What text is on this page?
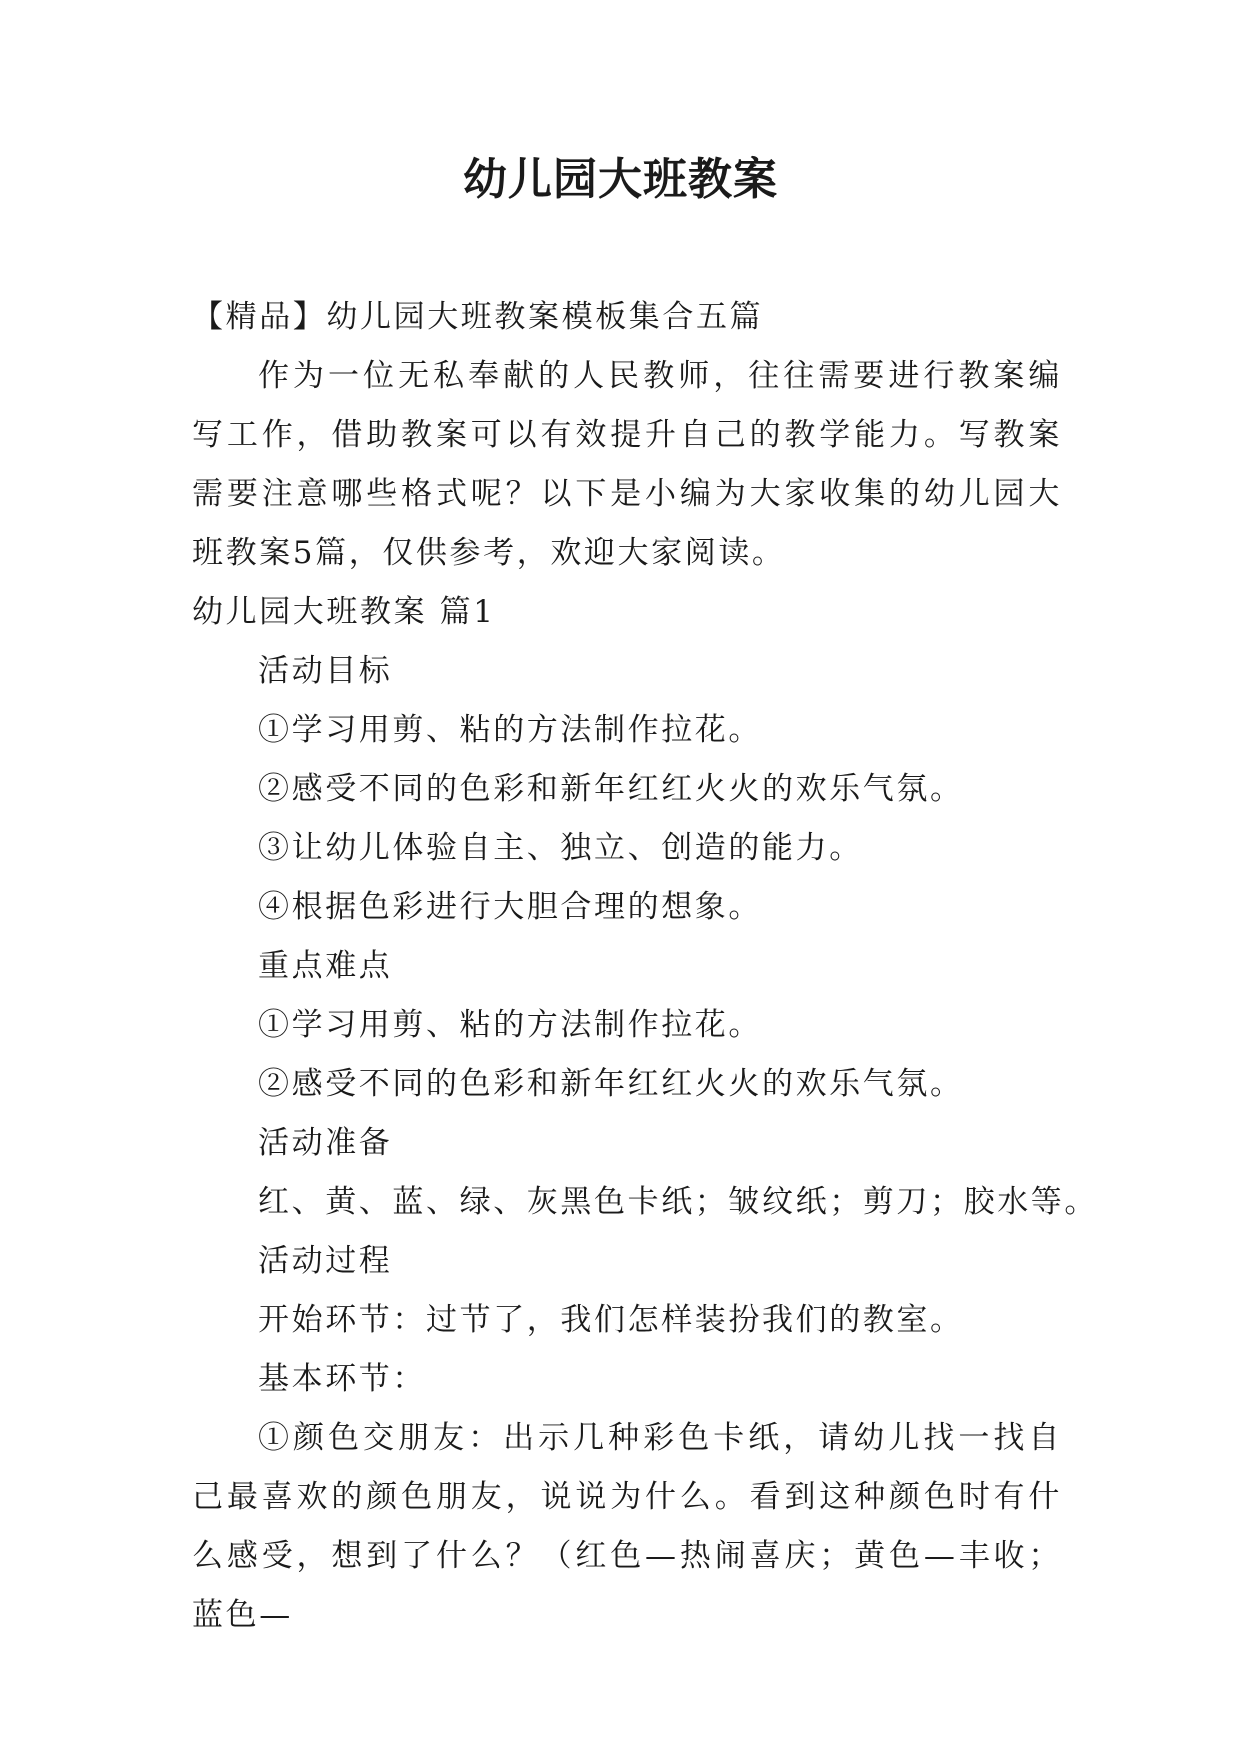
幼儿园大班教案

【精品】幼儿园大班教案模板集合五篇

作为一位无私奉献的人民教师，往往需要进行教案编写工作，借助教案可以有效提升自己的教学能力。写教案需要注意哪些格式呢？以下是小编为大家收集的幼儿园大班教案5篇，仅供参考，欢迎大家阅读。

幼儿园大班教案 篇1

活动目标

①学习用剪、粘的方法制作拉花。

②感受不同的色彩和新年红红火火的欢乐气氛。

③让幼儿体验自主、独立、创造的能力。

④根据色彩进行大胆合理的想象。

重点难点

①学习用剪、粘的方法制作拉花。

②感受不同的色彩和新年红红火火的欢乐气氛。

活动准备

红、黄、蓝、绿、灰黑色卡纸；皱纹纸；剪刀；胶水等。

活动过程

开始环节：过节了，我们怎样装扮我们的教室。

基本环节：

①颜色交朋友：出示几种彩色卡纸，请幼儿找一找自己最喜欢的颜色朋友，说说为什么。看到这种颜色时有什么感受，想到了什么？（红色—热闹喜庆；黄色—丰收；蓝色—
